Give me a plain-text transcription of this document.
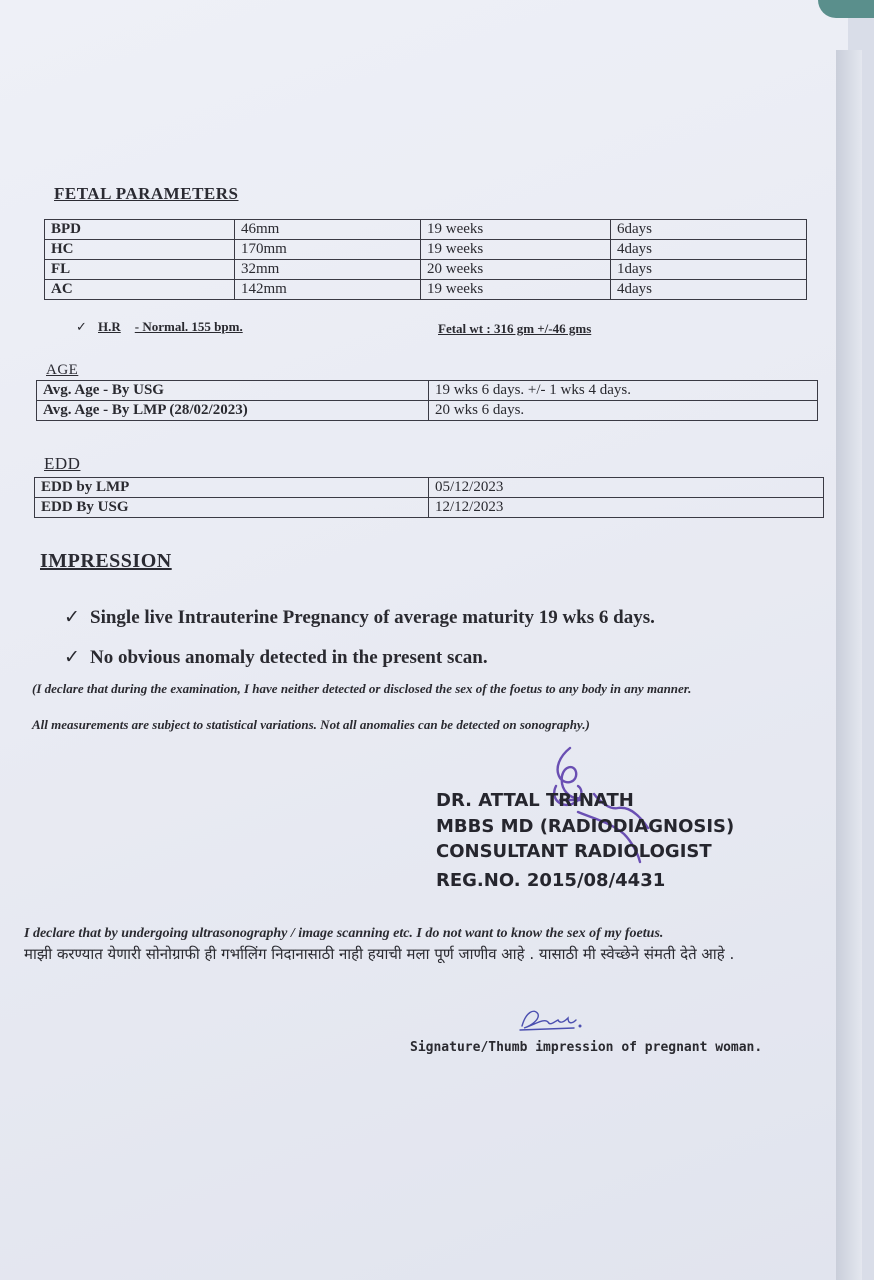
FETAL PARAMETERS
BPD	46mm	19 weeks	6days
HC	170mm	19 weeks	4days
FL	32mm	20 weeks	1days
AC	142mm	19 weeks	4days
✓ H.R - Normal. 155 bpm.	Fetal wt : 316 gm +/-46 gms
AGE
Avg. Age - By USG	19 wks 6 days. +/- 1 wks 4 days.
Avg. Age - By LMP (28/02/2023)	20 wks 6 days.
EDD
EDD by LMP	05/12/2023
EDD By USG	12/12/2023
IMPRESSION
✓ Single live Intrauterine Pregnancy of average maturity 19 wks 6 days.
✓ No obvious anomaly detected in the present scan.
(I declare that during the examination, I have neither detected or disclosed the sex of the foetus to any body in any manner.
All measurements are subject to statistical variations. Not all anomalies can be detected on sonography.)
DR. ATTAL TRINATH
MBBS MD (RADIODIAGNOSIS)
CONSULTANT RADIOLOGIST
REG.NO. 2015/08/4431
I declare that by undergoing ultrasonography / image scanning etc. I do not want to know the sex of my foetus.
माझी करण्यात येणारी सोनोग्राफी ही गर्भालिंग निदानासाठी नाही हयाची मला पूर्ण जाणीव आहे . यासाठी मी स्वेच्छेने संमती देते आहे .
Signature/Thumb impression of pregnant woman.
